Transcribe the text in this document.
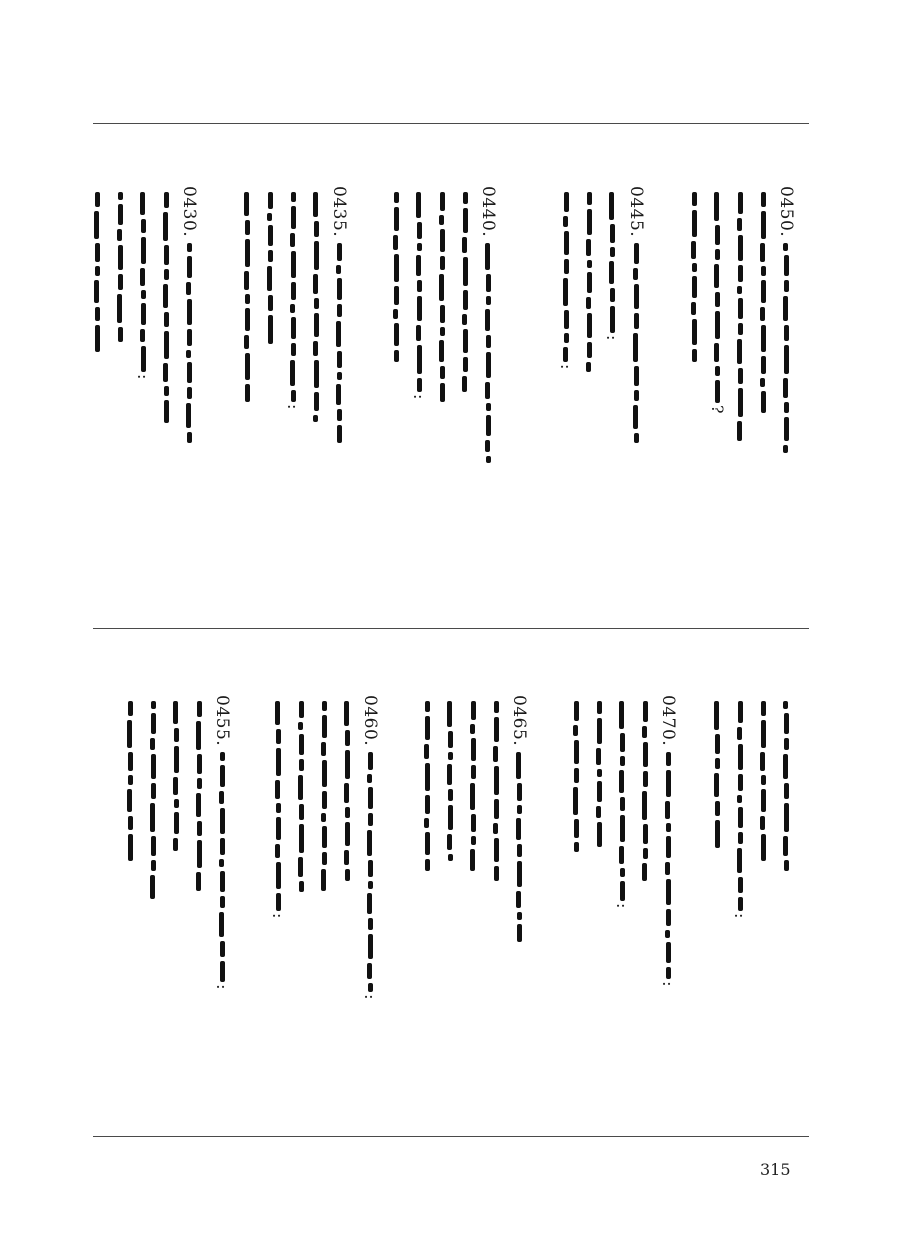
0450.
?
0445.
:
:
0440.
:
0435.
:
0430.
:
:
0470.:
:
0465.
0460.:
:
0455.:
315
